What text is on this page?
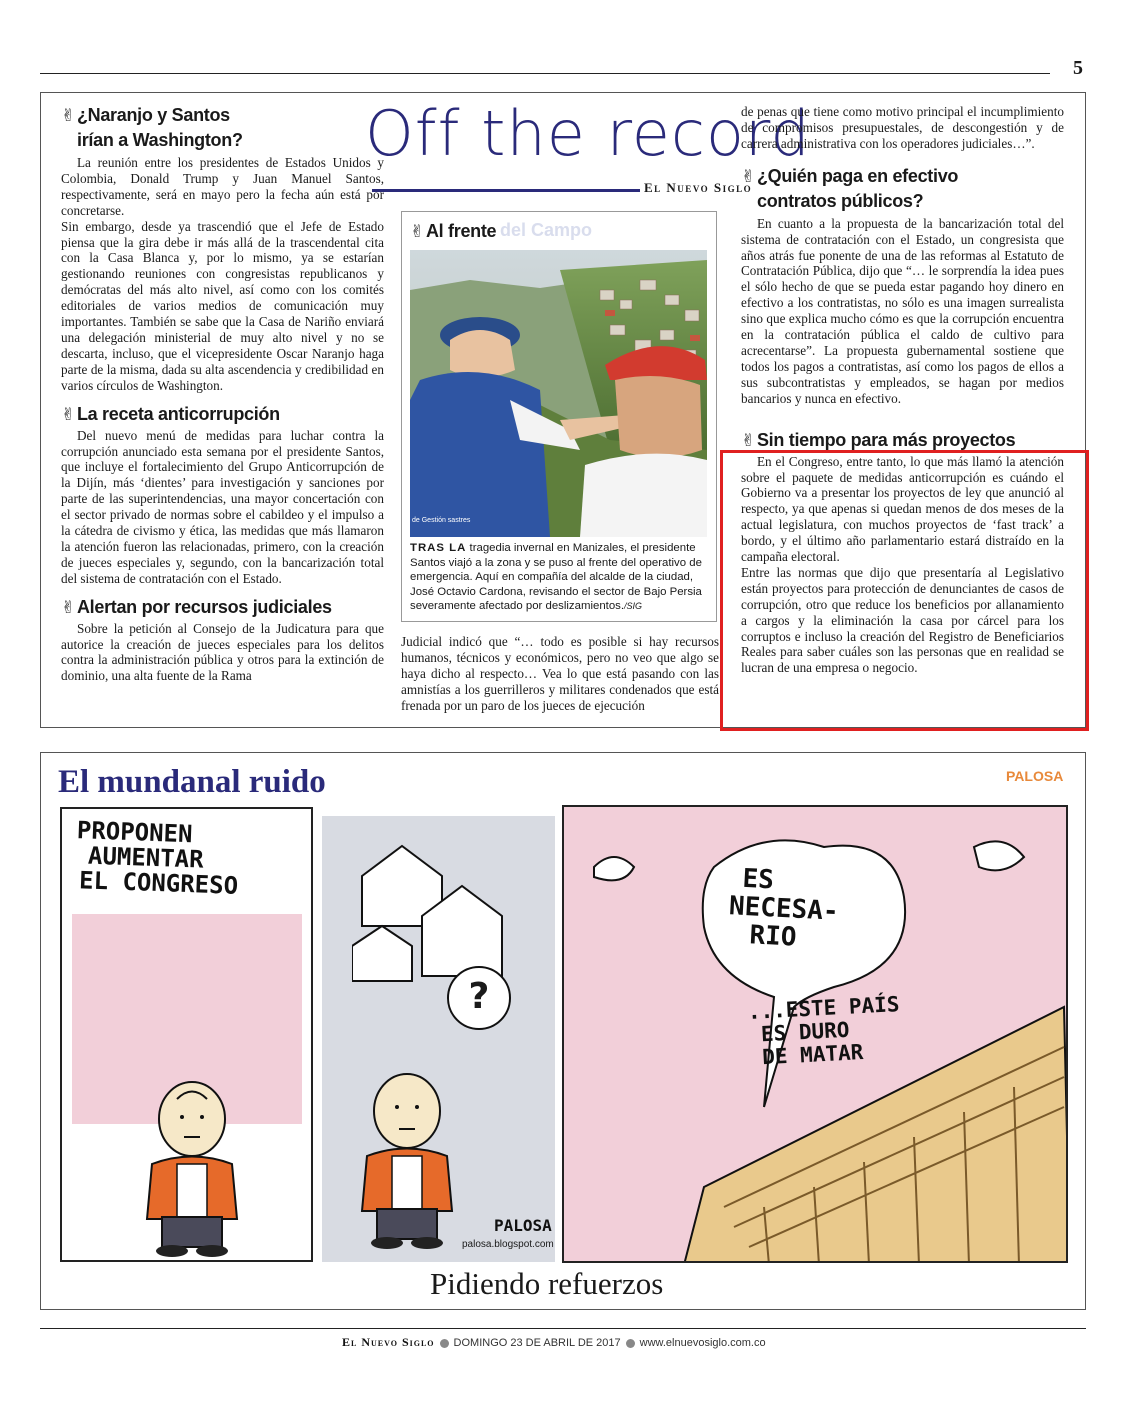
5
Off the record
El Nuevo Siglo
✌ ¿Naranjo y Santos
irían a Washington?

La reunión entre los presidentes de Estados Unidos y Colombia, Donald Trump y Juan Manuel Santos, respectivamente, será en mayo pero la fecha aún está por concretarse.

Sin embargo, desde ya trascendió que el Jefe de Estado piensa que la gira debe ir más allá de la trascendental cita con la Casa Blanca y, por lo mismo, ya se estarían gestionando reuniones con congresistas republicanos y demócratas del más alto nivel, así como con los comités editoriales de varios medios de comunicación muy importantes. También se sabe que la Casa de Nariño enviará una delegación ministerial de muy alto nivel y no se descarta, incluso, que el vicepresidente Oscar Naranjo haga parte de la misma, dada su alta ascendencia y credibilidad en varios círculos de Washington.

✌ La receta anticorrupción

Del nuevo menú de medidas para luchar contra la corrupción anunciado esta semana por el presidente Santos, que incluye el fortalecimiento del Grupo Anticorrupción de la Dijín, más ‘dientes’ para investigación y sanciones por parte de las superintendencias, una mayor concertación con el sector privado de normas sobre el cabildeo y el impulso a la cátedra de civismo y ética, las medidas que más llamaron la atención fueron las relacionadas, primero, con la creación de jueces especiales y, segundo, con la bancarización total del sistema de contratación con el Estado.

✌ Alertan por recursos judiciales

Sobre la petición al Consejo de la Judicatura para que autorice la creación de jueces especiales para los delitos contra la administración pública y otros para la extinción de dominio, una alta fuente de la Rama

✌ Al frente del Campo
de Gestión sastres
TRAS LA tragedia invernal en Manizales, el presidente Santos viajó a la zona y se puso al frente del operativo de emergencia. Aquí en compañía del alcalde de la ciudad, José Octavio Cardona, revisando el sector de Bajo Persia severamente afectado por deslizamientos./SIG

Judicial indicó que “… todo es posible si hay recursos humanos, técnicos y económicos, pero no veo que algo se haya dicho al respecto… Vea lo que está pasando con las amnistías a los guerrilleros y militares condenados que está frenada por un paro de los jueces de ejecución

de penas que tiene como motivo principal el incumplimiento de compromisos presupuestales, de descongestión y de carrera administrativa con los operadores judiciales…”.

✌ ¿Quién paga en efectivo
contratos públicos?

En cuanto a la propuesta de la bancarización total del sistema de contratación con el Estado, un congresista que años atrás fue ponente de una de las reformas al Estatuto de Contratación Pública, dijo que “… le sorprendía la idea pues el sólo hecho de que se pueda estar pagando hoy dinero en efectivo a los contratistas, no sólo es una imagen surrealista sino que explica mucho cómo es que la corrupción encuentra en la contratación pública el caldo de cultivo para acrecentarse”. La propuesta gubernamental sostiene que todos los pagos a contratistas, así como los pagos de ellos a sus subcontratistas y empleados, se hagan por medios bancarios y nunca en efectivo.

✌ Sin tiempo para más proyectos

En el Congreso, entre tanto, lo que más llamó la atención sobre el paquete de medidas anticorrupción es cuándo el Gobierno va a presentar los proyectos de ley que anunció al respecto, ya que apenas si quedan menos de dos meses de la actual legislatura, con muchos proyectos de ‘fast track’ a bordo, y el último año parlamentario estará distraído en la campaña electoral.

Entre las normas que dijo que presentaría al Legislativo están proyectos para protección de denunciantes de casos de corrupción, otro que reduce los beneficios por allanamiento a cargos y la eliminación la casa por cárcel para los corruptos e incluso la creación del Registro de Beneficiarios Reales para saber cuáles son las personas que en realidad se lucran de una empresa o negocio.

El mundanal ruido	PALOSA
PROPONEN
AUMENTAR
EL CONGRESO
?
PALOSA
palosa.blogspot.com
ES
NECESA-
RIO
...ESTE PAÍS
ES DURO
DE MATAR
Pidiendo refuerzos
El Nuevo Siglo DOMINGO 23 DE ABRIL DE 2017 www.elnuevosiglo.com.co
